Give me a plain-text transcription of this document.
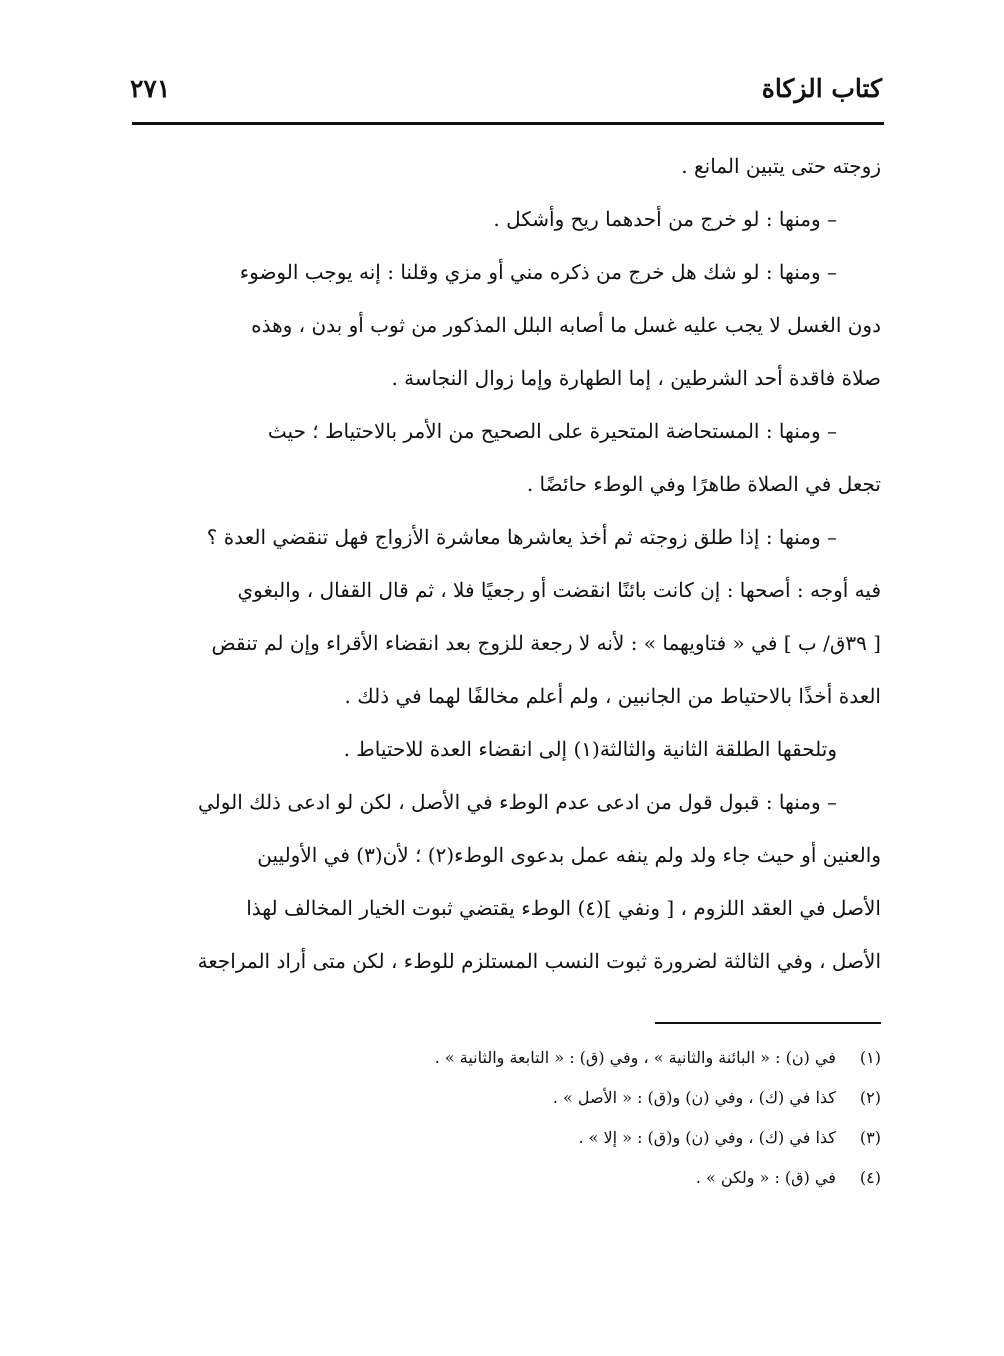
كتاب الزكاة
٢٧١
زوجته حتى يتبين المانع .
– ومنها : لو خرج من أحدهما ريح وأشكل .
– ومنها : لو شك هل خرج من ذكره مني أو مزي وقلنا : إنه يوجب الوضوء
دون الغسل لا يجب عليه غسل ما أصابه البلل المذكور من ثوب أو بدن ، وهذه
صلاة فاقدة أحد الشرطين ، إما الطهارة وإما زوال النجاسة .
– ومنها : المستحاضة المتحيرة على الصحيح من الأمر بالاحتياط ؛ حيث
تجعل في الصلاة طاهرًا وفي الوطء حائضًا .
– ومنها : إذا طلق زوجته ثم أخذ يعاشرها معاشرة الأزواج فهل تنقضي العدة ؟
فيه أوجه : أصحها : إن كانت بائنًا انقضت أو رجعيًا فلا ، ثم قال القفال ، والبغوي
[ ٣٩ق/ ب ] في « فتاويهما » : لأنه لا رجعة للزوج بعد انقضاء الأقراء وإن لم تنقض
العدة أخذًا بالاحتياط من الجانبين ، ولم أعلم مخالفًا لهما في ذلك .
وتلحقها الطلقة الثانية والثالثة(١) إلى انقضاء العدة للاحتياط .
– ومنها : قبول قول من ادعى عدم الوطء في الأصل ، لكن لو ادعى ذلك الولي
والعنين أو حيث جاء ولد ولم ينفه عمل بدعوى الوطء(٢) ؛ لأن(٣) في الأوليين
الأصل في العقد اللزوم ، [ ونفي ](٤) الوطء يقتضي ثبوت الخيار المخالف لهذا
الأصل ، وفي الثالثة لضرورة ثبوت النسب المستلزم للوطء ، لكن متى أراد المراجعة
(١) في (ن) : « البائنة والثانية » ، وفي (ق) : « التابعة والثانية » .
(٢) كذا في (ك) ، وفي (ن) و(ق) : « الأصل » .
(٣) كذا في (ك) ، وفي (ن) و(ق) : « إلا » .
(٤) في (ق) : « ولكن » .
